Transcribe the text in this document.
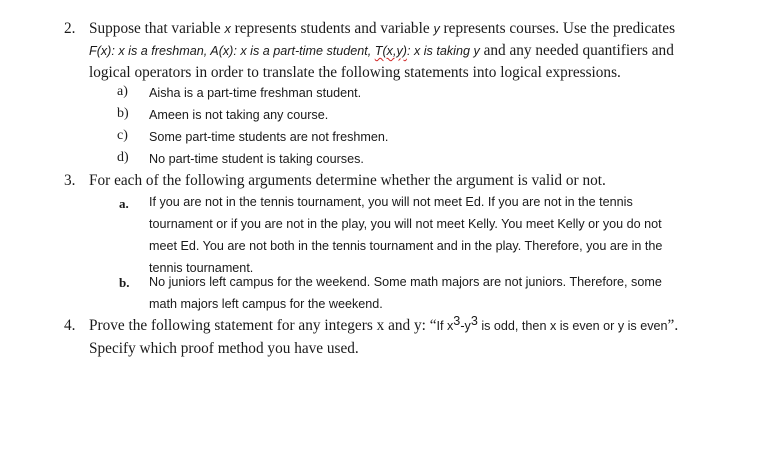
2. Suppose that variable x represents students and variable y represents courses. Use the predicates
F(x): x is a freshman, A(x): x is a part-time student, T(x,y): x is taking y and any needed quantifiers and
logical operators in order to translate the following statements into logical expressions.
a) Aisha is a part-time freshman student.
b) Ameen is not taking any course.
c) Some part-time students are not freshmen.
d) No part-time student is taking courses.
3. For each of the following arguments determine whether the argument is valid or not.
a. If you are not in the tennis tournament, you will not meet Ed. If you are not in the tennis
tournament or if you are not in the play, you will not meet Kelly. You meet Kelly or you do not
meet Ed. You are not both in the tennis tournament and in the play. Therefore, you are in the
tennis tournament.
b. No juniors left campus for the weekend. Some math majors are not juniors. Therefore, some
math majors left campus for the weekend.
4. Prove the following statement for any integers x and y: “If $x^3-y^3$ is odd, then x is even or y is even”.
Specify which proof method you have used.
